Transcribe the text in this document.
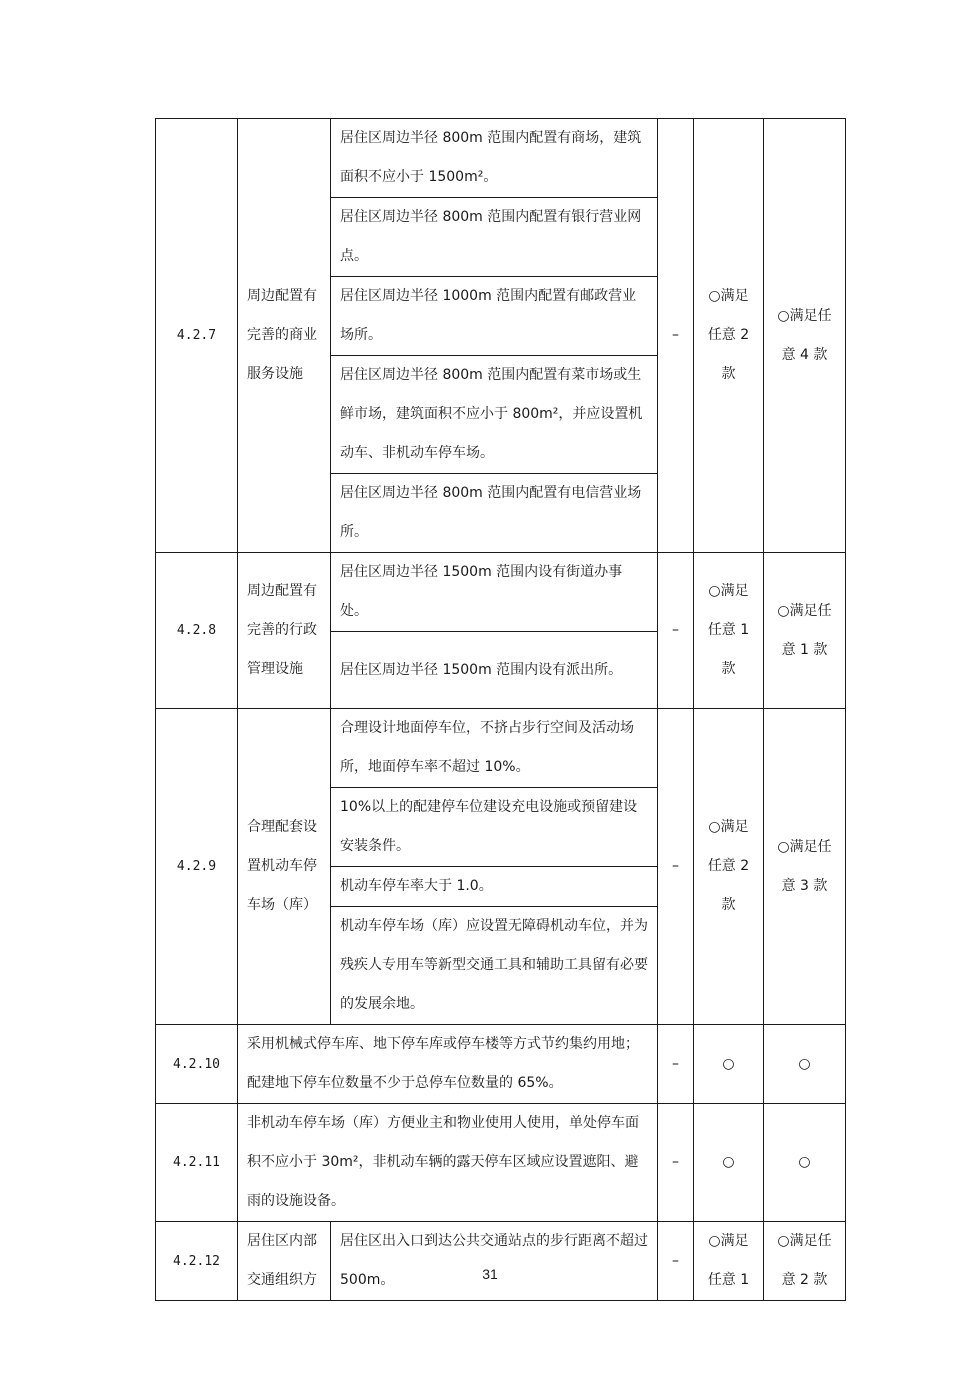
4.2.7	周边配置有完善的商业服务设施	居住区周边半径 800m 范围内配置有商场，建筑面积不应小于 1500m²。	–	○满足任意 2 款	○满足任意 4 款
		居住区周边半径 800m 范围内配置有银行营业网点。			
		居住区周边半径 1000m 范围内配置有邮政营业场所。			
		居住区周边半径 800m 范围内配置有菜市场或生鲜市场，建筑面积不应小于 800m²，并应设置机动车、非机动车停车场。			
		居住区周边半径 800m 范围内配置有电信营业场所。			
4.2.8	周边配置有完善的行政管理设施	居住区周边半径 1500m 范围内设有街道办事处。	–	○满足任意 1 款	○满足任意 1 款
		居住区周边半径 1500m 范围内设有派出所。			
4.2.9	合理配套设置机动车停车场（库）	合理设计地面停车位，不挤占步行空间及活动场所，地面停车率不超过 10%。	–	○满足任意 2 款	○满足任意 3 款
		10%以上的配建停车位建设充电设施或预留建设安装条件。			
		机动车停车率大于 1.0。			
		机动车停车场（库）应设置无障碍机动车位，并为残疾人专用车等新型交通工具和辅助工具留有必要的发展余地。			
4.2.10	采用机械式停车库、地下停车库或停车楼等方式节约集约用地；配建地下停车位数量不少于总停车位数量的 65%。		–	○	○
4.2.11	非机动车停车场（库）方便业主和物业使用人使用，单处停车面积不应小于 30m²，非机动车辆的露天停车区域应设置遮阳、避雨的设施设备。		–	○	○
4.2.12	居住区内部交通组织方	居住区出入口到达公共交通站点的步行距离不超过 500m。	–	○满足任意 1	○满足任意 2 款
31
